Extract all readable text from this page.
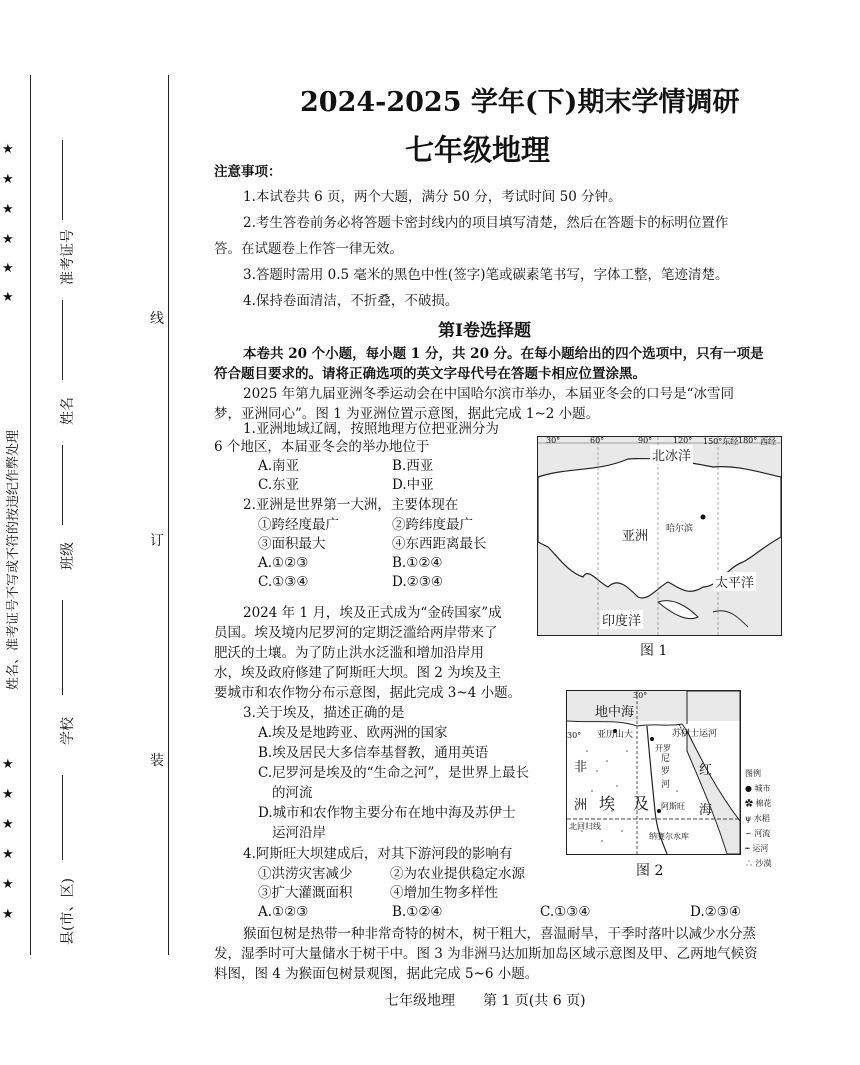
★
★
★
★
★
★
★
★
★
★
★
★
姓名、准考证号不写或不符的按违纪作弊处理
准考证号
姓名
班级
学校
县(市、区)
线
订
装
2024-2025 学年(下)期末学情调研
七年级地理
注意事项：
1.本试卷共 6 页，两个大题，满分 50 分，考试时间 50 分钟。
2.考生答卷前务必将答题卡密封线内的项目填写清楚，然后在答题卡的标明位置作
答。在试题卷上作答一律无效。
3.答题时需用 0.5 毫米的黑色中性(签字)笔或碳素笔书写，字体工整，笔迹清楚。
4.保持卷面清洁，不折叠，不破损。
第Ⅰ卷选择题
本卷共 20 个小题，每小题 1 分，共 20 分。在每小题给出的四个选项中，只有一项是
符合题目要求的。请将正确选项的英文字母代号在答题卡相应位置涂黑。
2025 年第九届亚洲冬季运动会在中国哈尔滨市举办，本届亚冬会的口号是“冰雪同
梦，亚洲同心”。图 1 为亚洲位置示意图，据此完成 1~2 小题。
1.亚洲地域辽阔，按照地理方位把亚洲分为
6 个地区，本届亚冬会的举办地位于
A.南亚	B.西亚
C.东亚	D.中亚
2.亚洲是世界第一大洲，主要体现在
①跨经度最广	②跨纬度最广
③面积最大	④东西距离最长
A.①②③	B.①②④
C.①③④	D.②③④
2024 年 1 月，埃及正式成为“金砖国家”成
员国。埃及境内尼罗河的定期泛滥给两岸带来了
肥沃的土壤。为了防止洪水泛滥和增加沿岸用
水，埃及政府修建了阿斯旺大坝。图 2 为埃及主
要城市和农作物分布示意图，据此完成 3~4 小题。
3.关于埃及，描述正确的是
A.埃及是地跨亚、欧两洲的国家
B.埃及居民大多信奉基督教，通用英语
C.尼罗河是埃及的“生命之河”，是世界上最长
的河流
D.城市和农作物主要分布在地中海及苏伊士
运河沿岸
4.阿斯旺大坝建成后，对其下游河段的影响有
①洪涝灾害减少	②为农业提供稳定水源
③扩大灌溉面积	④增加生物多样性
A.①②③	B.①②④	C.①③④	D.②③④
猴面包树是热带一种非常奇特的树木，树干粗大，喜温耐旱，干季时落叶以减少水分蒸
发，湿季时可大量储水于树干中。图 3 为非洲马达加斯加岛区域示意图及甲、乙两地气候资
料图，图 4 为猴面包树景观图，据此完成 5~6 小题。
30°	60°	90°	120° 150°东经 180° 西经
北冰洋
亚洲 哈尔滨
太平洋
印度洋
图 1
30°
30°
地中海
亚历山大	苏伊士运河
开罗
非洲 埃及
尼罗河
红海
阿斯旺
纳赛尔水库
北回归线
图 2
图例
● 城市
✿ 棉花
ψ 水稻
∽ 河流
┅ 运河
∴ 沙漠
七年级地理　　第 1 页(共 6 页)
